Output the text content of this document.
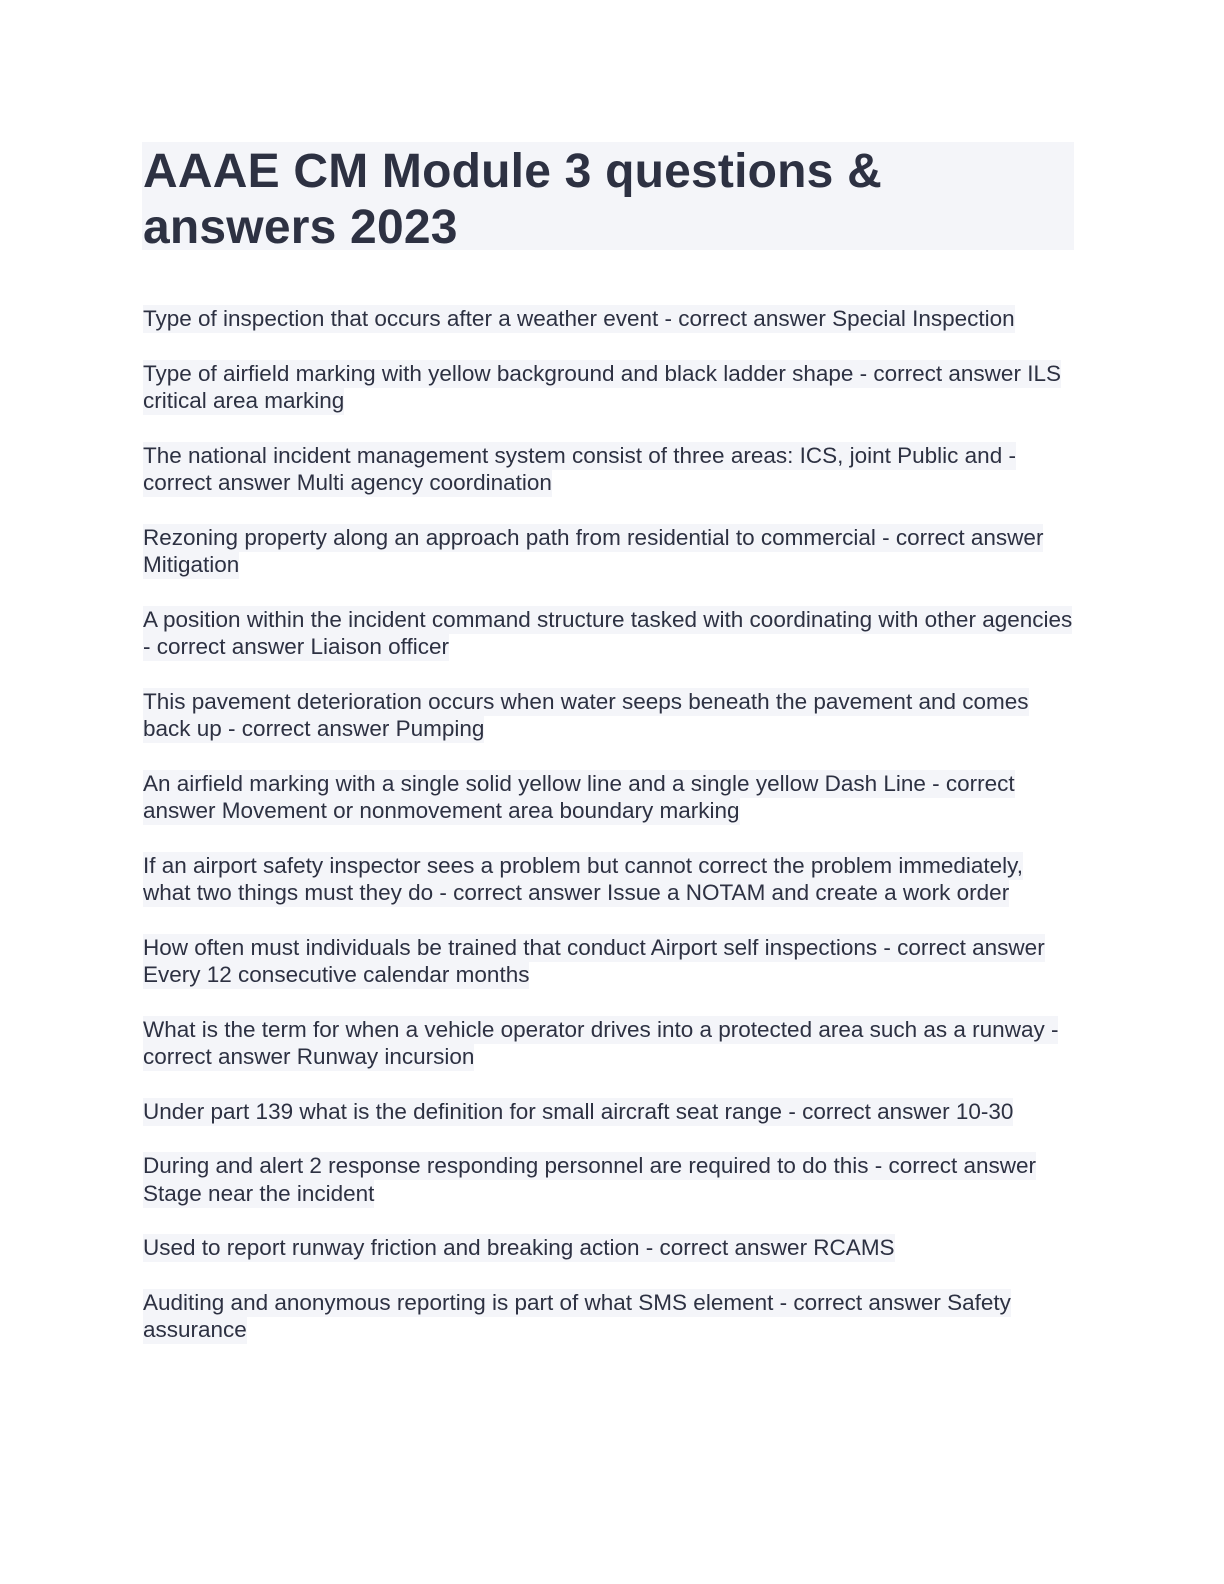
AAAE CM Module 3 questions & answers 2023

Type of inspection that occurs after a weather event - correct answer Special Inspection

Type of airfield marking with yellow background and black ladder shape - correct answer ILS critical area marking

The national incident management system consist of three areas: ICS, joint Public and - correct answer Multi agency coordination

Rezoning property along an approach path from residential to commercial - correct answer Mitigation

A position within the incident command structure tasked with coordinating with other agencies - correct answer Liaison officer

This pavement deterioration occurs when water seeps beneath the pavement and comes back up - correct answer Pumping

An airfield marking with a single solid yellow line and a single yellow Dash Line - correct answer Movement or nonmovement area boundary marking

If an airport safety inspector sees a problem but cannot correct the problem immediately, what two things must they do - correct answer Issue a NOTAM and create a work order

How often must individuals be trained that conduct Airport self inspections - correct answer Every 12 consecutive calendar months

What is the term for when a vehicle operator drives into a protected area such as a runway - correct answer Runway incursion

Under part 139 what is the definition for small aircraft seat range - correct answer 10-30

During and alert 2 response responding personnel are required to do this - correct answer Stage near the incident

Used to report runway friction and breaking action - correct answer RCAMS

Auditing and anonymous reporting is part of what SMS element - correct answer Safety assurance
